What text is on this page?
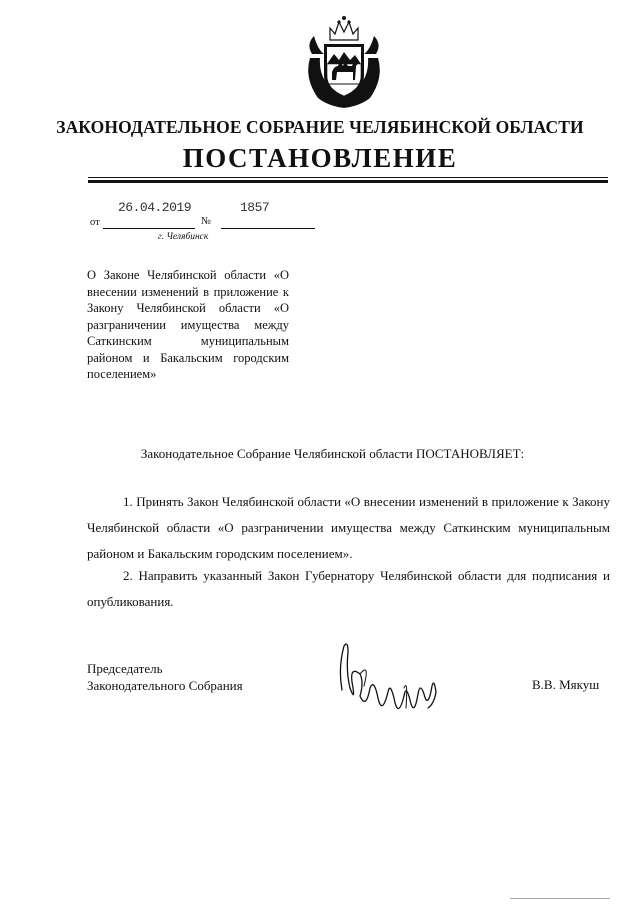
ЗАКОНОДАТЕЛЬНОЕ СОБРАНИЕ ЧЕЛЯБИНСКОЙ ОБЛАСТИ
ПОСТАНОВЛЕНИЕ
26.04.2019	1857
от	№
г. Челябинск
О Законе Челябинской области «О внесении изменений в приложение к Закону Челябинской области «О разграничении имущества между Саткинским муниципальным районом и Бакальским городским поселением»
Законодательное Собрание Челябинской области ПОСТАНОВЛЯЕТ:
1. Принять Закон Челябинской области «О внесении изменений в приложение к Закону Челябинской области «О разграничении имущества между Саткинским муниципальным районом и Бакальским городским поселением».
2. Направить указанный Закон Губернатору Челябинской области для подписания и опубликования.
Председатель
Законодательного Собрания	В.В. Мякуш
